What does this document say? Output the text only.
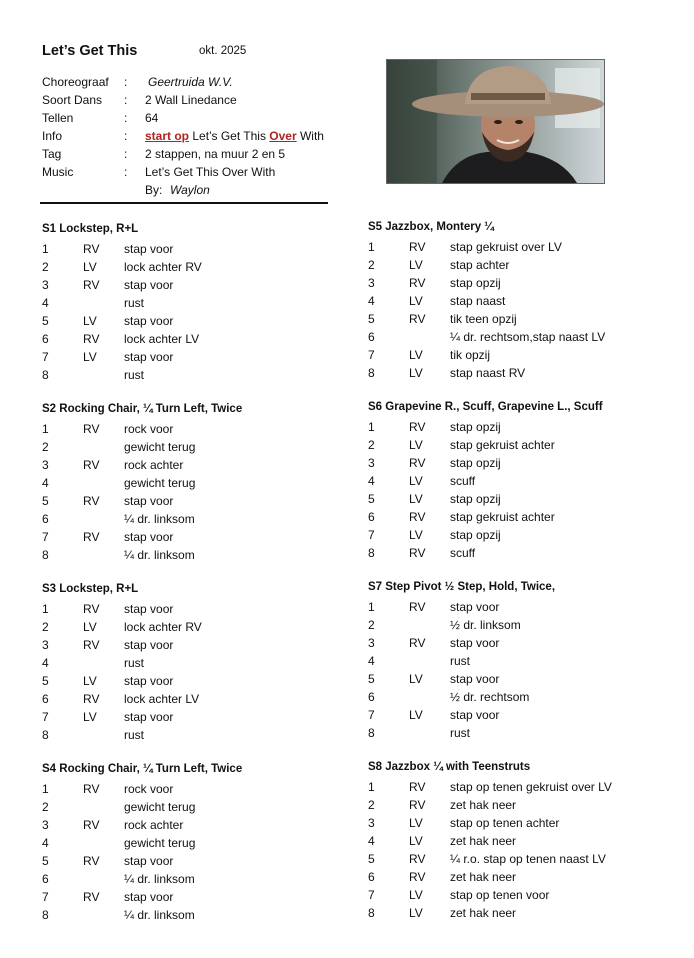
Let’s Get This	okt. 2025
Choreograaf : Geertruida W.V.
Soort Dans : 2 Wall Linedance
Tellen	: 64
Info	: start op Let’s Get This Over With
Tag	: 2 stappen, na muur 2 en 5
Music	: Let’s Get This Over With
By: Waylon
S1 Lockstep, R+L
1	RV stap voor
2	LV lock achter RV
3	RV stap voor
4	rust
5	LV stap voor
6	RV lock achter LV
7	LV stap voor
8	rust
S2 Rocking Chair, ¼ Turn Left, Twice
1	RV rock voor
2	gewicht terug
3	RV rock achter
4	gewicht terug
5	RV stap voor
6	¼ dr. linksom
7	RV stap voor
8	¼ dr. linksom
S3 Lockstep, R+L
1	RV stap voor
2	LV lock achter RV
3	RV stap voor
4	rust
5	LV stap voor
6	RV lock achter LV
7	LV stap voor
8	rust
S4 Rocking Chair, ¼ Turn Left, Twice
1	RV rock voor
2	gewicht terug
3	RV rock achter
4	gewicht terug
5	RV stap voor
6	¼ dr. linksom
7	RV stap voor
8	¼ dr. linksom
S5 Jazzbox, Montery ¼
1	RV stap gekruist over LV
2	LV stap achter
3	RV stap opzij
4	LV stap naast
5	RV tik teen opzij
6	¼ dr. rechtsom,stap naast LV
7	LV tik opzij
8	LV stap naast RV
S6 Grapevine R., Scuff, Grapevine L., Scuff
1	RV stap opzij
2	LV stap gekruist achter
3	RV stap opzij
4	LV scuff
5	LV stap opzij
6	RV stap gekruist achter
7	LV stap opzij
8	RV scuff
S7 Step Pivot ½ Step, Hold, Twice,
1	RV stap voor
2	½ dr. linksom
3	RV stap voor
4	rust
5	LV stap voor
6	½ dr. rechtsom
7	LV stap voor
8	rust
S8 Jazzbox ¼ with Teenstruts
1	RV stap op tenen gekruist over LV
2	RV zet hak neer
3	LV stap op tenen achter
4	LV zet hak neer
5	RV ¼ r.o. stap op tenen naast LV
6	RV zet hak neer
7	LV stap op tenen voor
8	LV zet hak neer
